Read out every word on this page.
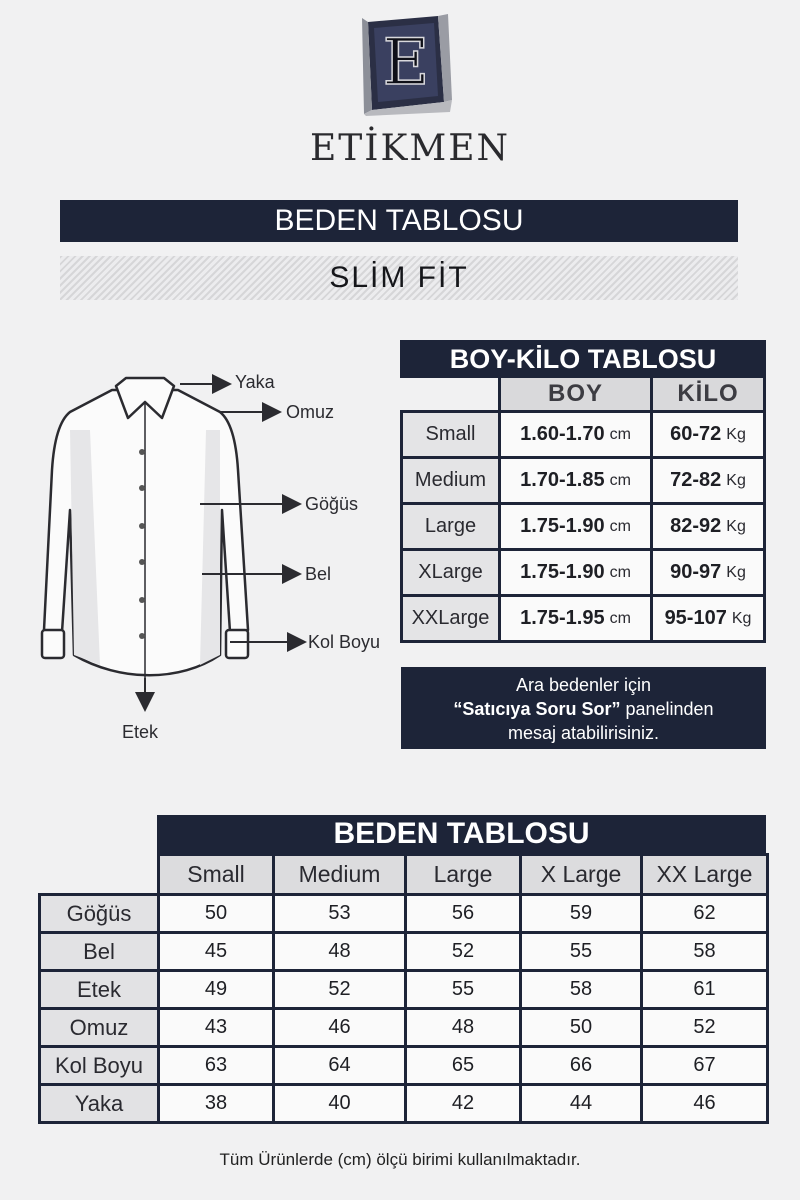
E
ETİKMEN
BEDEN TABLOSU
SLİM FİT
Yaka
Omuz
Göğüs
Bel
Kol Boyu
Etek
BOY-KİLO TABLOSU
BOY	KİLO
Small	1.60-1.70 cm 60-72 Kg
Medium	1.70-1.85 cm 72-82 Kg
Large	1.75-1.90 cm 82-92 Kg
XLarge	1.75-1.90 cm 90-97 Kg
XXLarge	1.75-1.95 cm 95-107 Kg
Ara bedenler için
“Satıcıya Soru Sor” panelinden
mesaj atabilirisiniz.
BEDEN TABLOSU
	Small	Medium	Large	X Large	XX Large
Göğüs	50	53	56	59	62
Bel	45	48	52	55	58
Etek	49	52	55	58	61
Omuz	43	46	48	50	52
Kol Boyu	63	64	65	66	67
Yaka	38	40	42	44	46
Tüm Ürünlerde (cm) ölçü birimi kullanılmaktadır.
